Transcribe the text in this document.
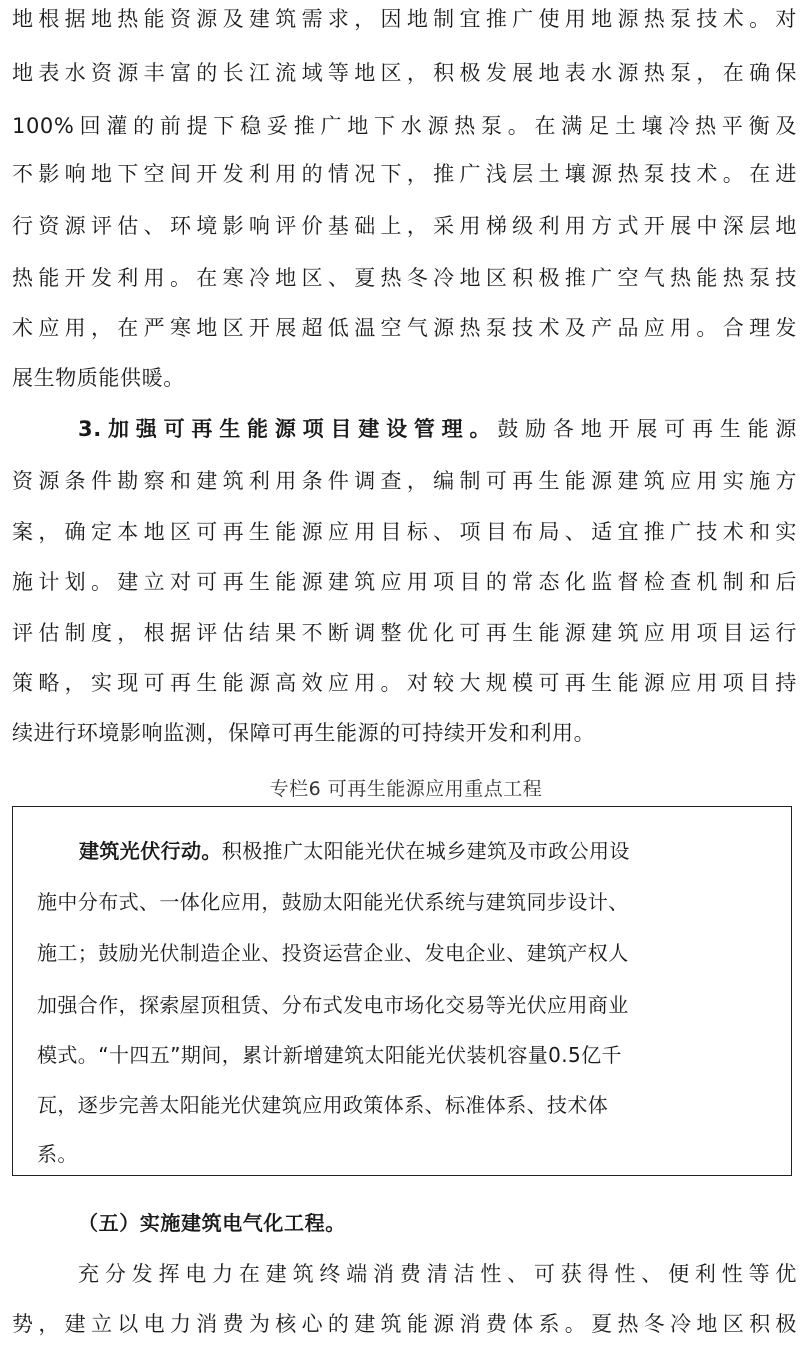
地根据地热能资源及建筑需求，因地制宜推广使用地源热泵技术。对
地表水资源丰富的长江流域等地区，积极发展地表水源热泵，在确保
100%回灌的前提下稳妥推广地下水源热泵。在满足土壤冷热平衡及
不影响地下空间开发利用的情况下，推广浅层土壤源热泵技术。在进
行资源评估、环境影响评价基础上，采用梯级利用方式开展中深层地
热能开发利用。在寒冷地区、夏热冬冷地区积极推广空气热能热泵技
术应用，在严寒地区开展超低温空气源热泵技术及产品应用。合理发
展生物质能供暖。
3.加强可再生能源项目建设管理。鼓励各地开展可再生能源
资源条件勘察和建筑利用条件调查，编制可再生能源建筑应用实施方
案，确定本地区可再生能源应用目标、项目布局、适宜推广技术和实
施计划。建立对可再生能源建筑应用项目的常态化监督检查机制和后
评估制度，根据评估结果不断调整优化可再生能源建筑应用项目运行
策略，实现可再生能源高效应用。对较大规模可再生能源应用项目持
续进行环境影响监测，保障可再生能源的可持续开发和利用。
专栏6 可再生能源应用重点工程
建筑光伏行动。积极推广太阳能光伏在城乡建筑及市政公用设
施中分布式、一体化应用，鼓励太阳能光伏系统与建筑同步设计、
施工；鼓励光伏制造企业、投资运营企业、发电企业、建筑产权人
加强合作，探索屋顶租赁、分布式发电市场化交易等光伏应用商业
模式。“十四五”期间，累计新增建筑太阳能光伏装机容量0.5亿千
瓦，逐步完善太阳能光伏建筑应用政策体系、标准体系、技术体
系。
（五）实施建筑电气化工程。
充分发挥电力在建筑终端消费清洁性、可获得性、便利性等优
势，建立以电力消费为核心的建筑能源消费体系。夏热冬冷地区积极
